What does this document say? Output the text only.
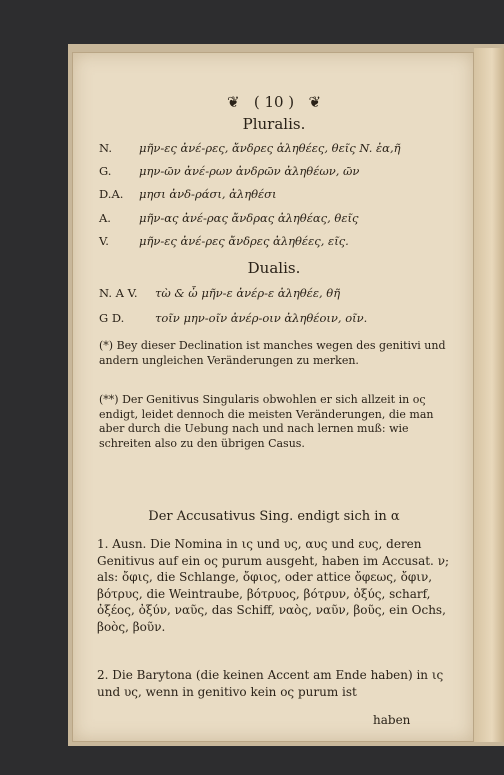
❦ ( 10 ) ❦
Pluralis.
N. μῆν-ες ἀνέ-ρες, ἄνδρες ἀληθέες, θεῖς N. ἐα,ῆ
G. μην-ῶν ἀνέ-ρων ἀνδρῶν ἀληθέων, ῶν
D.A. μησι ἀνδ-ράσι, ἀληθέσι
A. μῆν-ας ἀνέ-ρας ἄνδρας ἀληθέας, θεῖς
V.	μῆν-ες ἀνέ-ρες ἄνδρες ἀληθέες, εῖς.
Dualis.
N. A V. τὼ & ὦ μῆν-ε ἀνέρ-ε ἀληθέε, θῆ
G D.	τοῖν μην-οῖν ἀνέρ-οιν ἀληθέοιν, οῖν.
(*) Bey dieser Declination ist manches wegen des genitivi und andern ungleichen Veränderungen zu merken.
(**) Der Genitivus Singularis obwohlen er sich allzeit in ος endigt, leidet dennoch die meisten Veränderungen, die man aber durch die Uebung nach und nach lernen muß: wie schreiten also zu den übrigen Casus.
Der Accusativus Sing. endigt sich in α
1. Ausn. Die Nomina in ις und υς, αυς und ευς, deren Genitivus auf ein ος purum ausgeht, haben im Accusat. ν; als: ὄφις, die Schlange, ὄφιος, oder attice ὄφεως, ὄφιν, βότρυς, die Weintraube, βότρυος, βότρυν, ὀξύς, scharf, ὀξέος, ὀξύν, ναῦς, das Schiff, ναὸς, ναῦν, βοῦς, ein Ochs, βοὸς, βοῦν.
2. Die Barytona (die keinen Accent am Ende haben) in ις und υς, wenn in genitivo kein ος purum ist
haben
